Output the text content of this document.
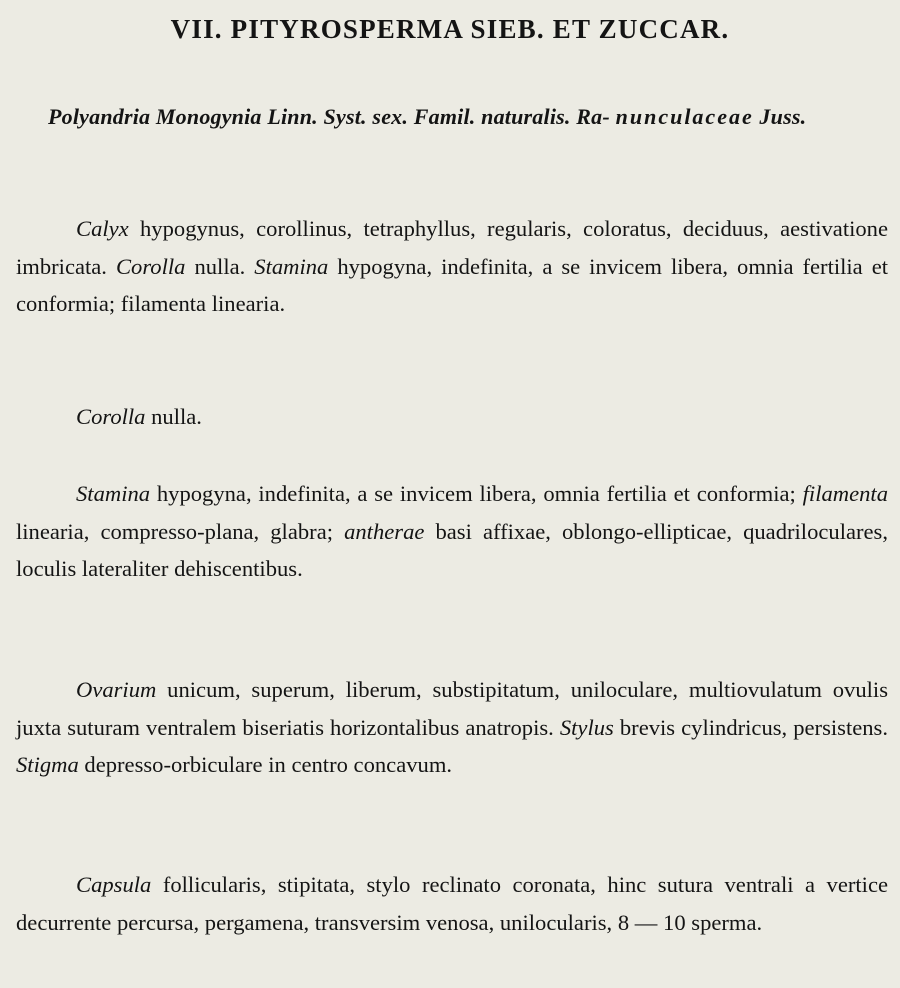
VII. PITYROSPERMA SIEB. ET ZUCCAR.

Polyandria Monogynia Linn. Syst. sex. Famil. naturalis. Ra- nunculaceae Juss.

Calyx hypogynus, corollinus, tetraphyllus, regularis, coloratus, deciduus, aestivatione imbricata. Corolla nulla. Stamina hypogyna, indefinita, a se invicem libera, omnia fertilia et conformia; filamenta linearia.

Corolla nulla.

Stamina hypogyna, indefinita, a se invicem libera, omnia fertilia et conformia; filamenta linearia, compresso-plana, glabra; antherae basi affixae, oblongo-ellipticae, quadriloculares, loculis lateraliter dehiscentibus.

Ovarium unicum, superum, liberum, substipitatum, uniloculare, multiovulatum ovulis juxta suturam ventralem biseriatis horizontalibus anatropis. Stylus brevis cylindricus, persistens. Stigma depresso-orbiculare in centro concavum.

Capsula follicularis, stipitata, stylo reclinato coronata, hinc sutura ventrali a vertice decurrente percursa, pergamena, transversim venosa, unilocularis, 8 — 10 sperma.
